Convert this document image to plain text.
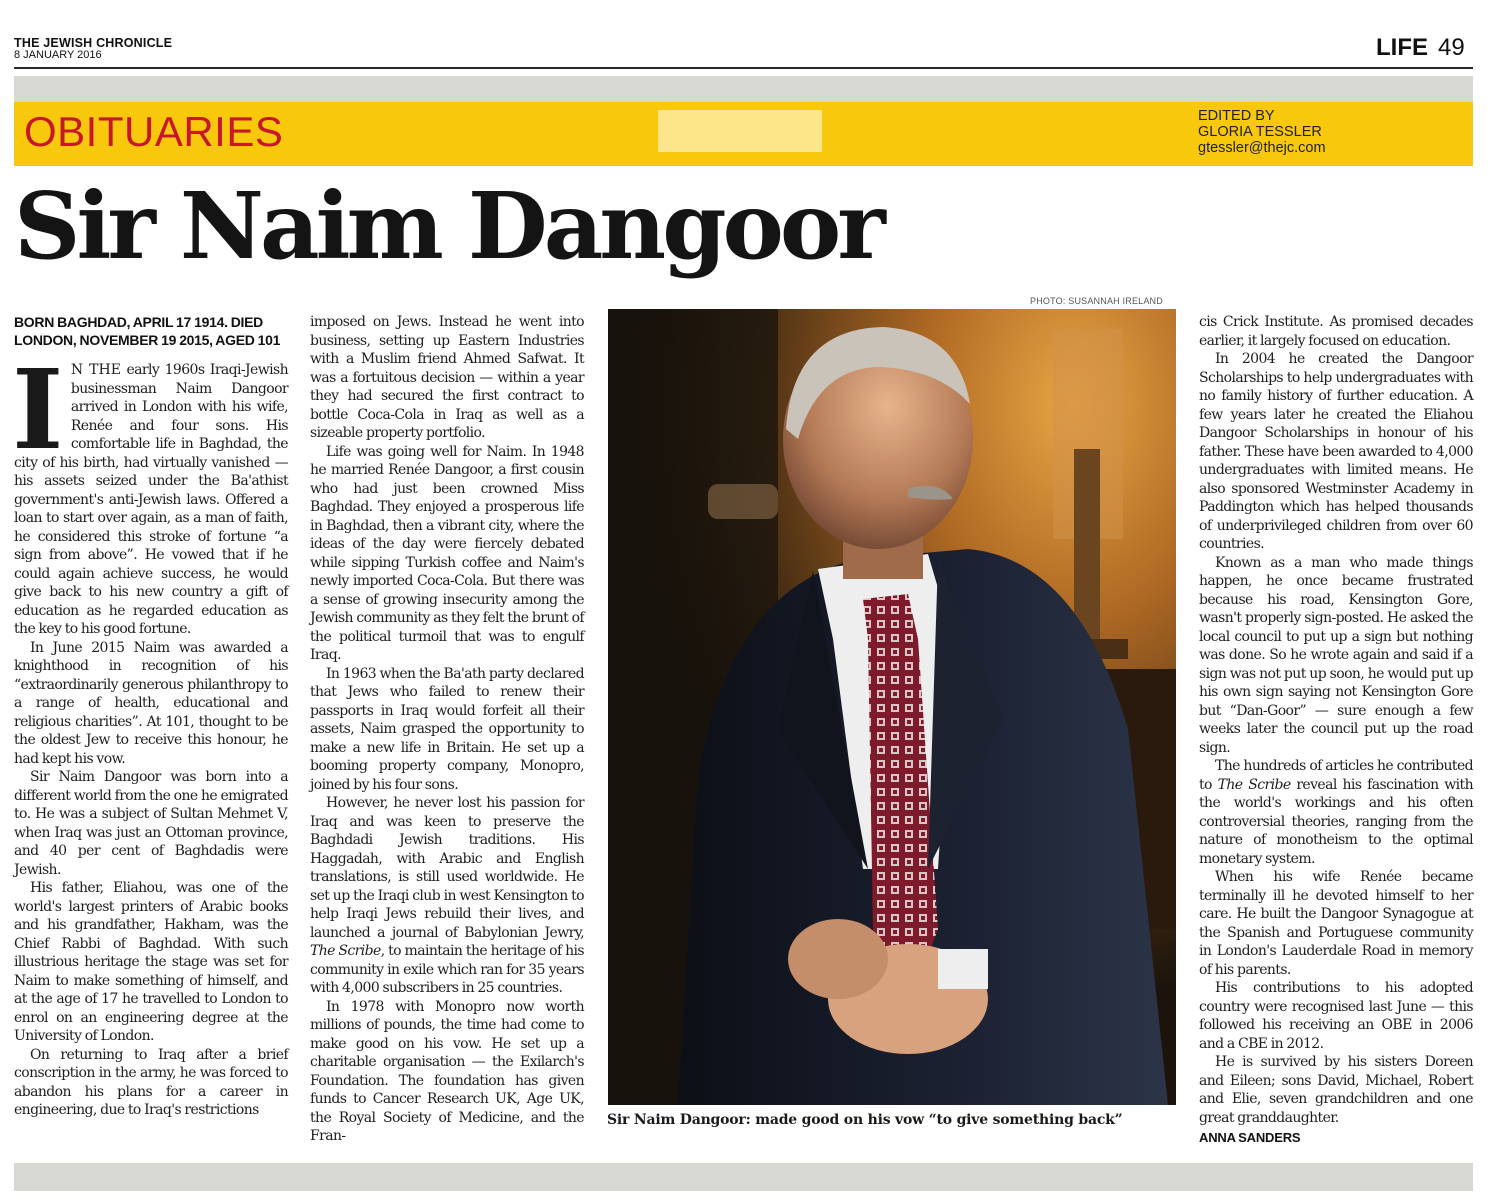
THE JEWISH CHRONICLE
8 JANUARY 2016	LIFE 49
OBITUARIES	EDITED BY
GLORIA TESSLER
gtessler@thejc.com
Sir Naim Dangoor
BORN BAGHDAD, APRIL 17 1914. DIED
LONDON, NOVEMBER 19 2015, AGED 101

I N THE early 1960s Iraqi-Jewish businessman Naim Dangoor arrived in London with his wife, Renée and four sons. His comfortable life in Baghdad, the city of his birth, had virtually vanished — his assets seized under the Ba'athist government's anti-Jewish laws. Offered a loan to start over again, as a man of faith, he considered this stroke of fortune “a sign from above”. He vowed that if he could again achieve success, he would give back to his new country a gift of education as he regarded education as the key to his good fortune.

In June 2015 Naim was awarded a knighthood in recognition of his “extraordinarily generous philanthropy to a range of health, educational and religious charities”. At 101, thought to be the oldest Jew to receive this honour, he had kept his vow.

Sir Naim Dangoor was born into a different world from the one he emigrated to. He was a subject of Sultan Mehmet V, when Iraq was just an Ottoman province, and 40 per cent of Baghdadis were Jewish.

His father, Eliahou, was one of the world's largest printers of Arabic books and his grandfather, Hakham, was the Chief Rabbi of Baghdad. With such illustrious heritage the stage was set for Naim to make something of himself, and at the age of 17 he travelled to London to enrol on an engineering degree at the University of London.

On returning to Iraq after a brief conscription in the army, he was forced to abandon his plans for a career in engineering, due to Iraq's restrictions

imposed on Jews. Instead he went into business, setting up Eastern Industries with a Muslim friend Ahmed Safwat. It was a fortuitous decision — within a year they had secured the first contract to bottle Coca-Cola in Iraq as well as a sizeable property portfolio.

Life was going well for Naim. In 1948 he married Renée Dangoor, a first cousin who had just been crowned Miss Baghdad. They enjoyed a prosperous life in Baghdad, then a vibrant city, where the ideas of the day were fiercely debated while sipping Turkish coffee and Naim's newly imported Coca-Cola. But there was a sense of growing insecurity among the Jewish community as they felt the brunt of the political turmoil that was to engulf Iraq.

In 1963 when the Ba'ath party declared that Jews who failed to renew their passports in Iraq would forfeit all their assets, Naim grasped the opportunity to make a new life in Britain. He set up a booming property company, Monopro, joined by his four sons.

However, he never lost his passion for Iraq and was keen to preserve the Baghdadi Jewish traditions. His Haggadah, with Arabic and English translations, is still used worldwide. He set up the Iraqi club in west Kensington to help Iraqi Jews rebuild their lives, and launched a journal of Babylonian Jewry, The Scribe, to maintain the heritage of his community in exile which ran for 35 years with 4,000 subscribers in 25 countries.

In 1978 with Monopro now worth millions of pounds, the time had come to make good on his vow. He set up a charitable organisation — the Exilarch's Foundation. The foundation has given funds to Cancer Research UK, Age UK, the Royal Society of Medicine, and the Fran-

PHOTO: SUSANNAH IRELAND
Sir Naim Dangoor: made good on his vow “to give something back”

cis Crick Institute. As promised decades earlier, it largely focused on education.

In 2004 he created the Dangoor Scholarships to help undergraduates with no family history of further education. A few years later he created the Eliahou Dangoor Scholarships in honour of his father. These have been awarded to 4,000 undergraduates with limited means. He also sponsored Westminster Academy in Paddington which has helped thousands of underprivileged children from over 60 countries.

Known as a man who made things happen, he once became frustrated because his road, Kensington Gore, wasn't properly sign-posted. He asked the local council to put up a sign but nothing was done. So he wrote again and said if a sign was not put up soon, he would put up his own sign saying not Kensington Gore but “Dan-Goor” — sure enough a few weeks later the council put up the road sign.

The hundreds of articles he contributed to The Scribe reveal his fascination with the world's workings and his often controversial theories, ranging from the nature of monotheism to the optimal monetary system.

When his wife Renée became terminally ill he devoted himself to her care. He built the Dangoor Synagogue at the Spanish and Portuguese community in London's Lauderdale Road in memory of his parents.

His contributions to his adopted country were recognised last June — this followed his receiving an OBE in 2006 and a CBE in 2012.

He is survived by his sisters Doreen and Eileen; sons David, Michael, Robert and Elie, seven grandchildren and one great granddaughter.

ANNA SANDERS
